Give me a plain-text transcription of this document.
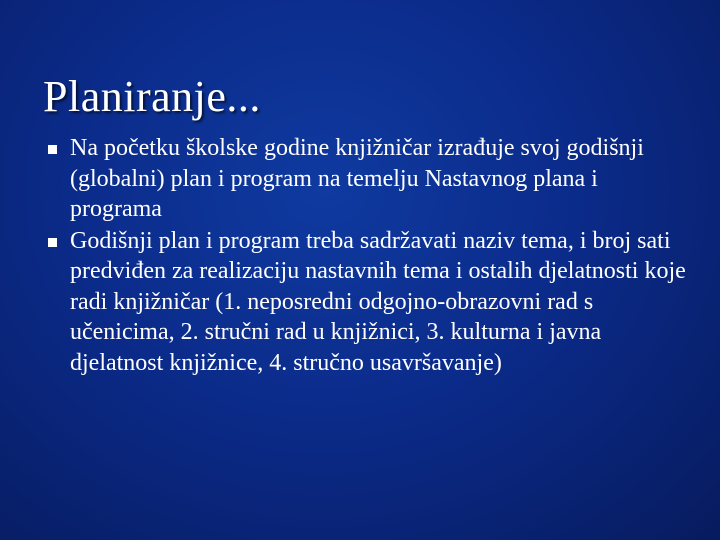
Planiranje...
Na početku školske godine knjižničar izrađuje svoj godišnji (globalni) plan i program na temelju Nastavnog plana i programa
Godišnji plan i program treba sadržavati naziv tema, i broj sati predviđen za realizaciju nastavnih tema i ostalih djelatnosti koje radi knjižničar (1. neposredni odgojno-obrazovni rad s učenicima, 2. stručni rad u knjižnici, 3. kulturna i javna djelatnost knjižnice, 4. stručno usavršavanje)
